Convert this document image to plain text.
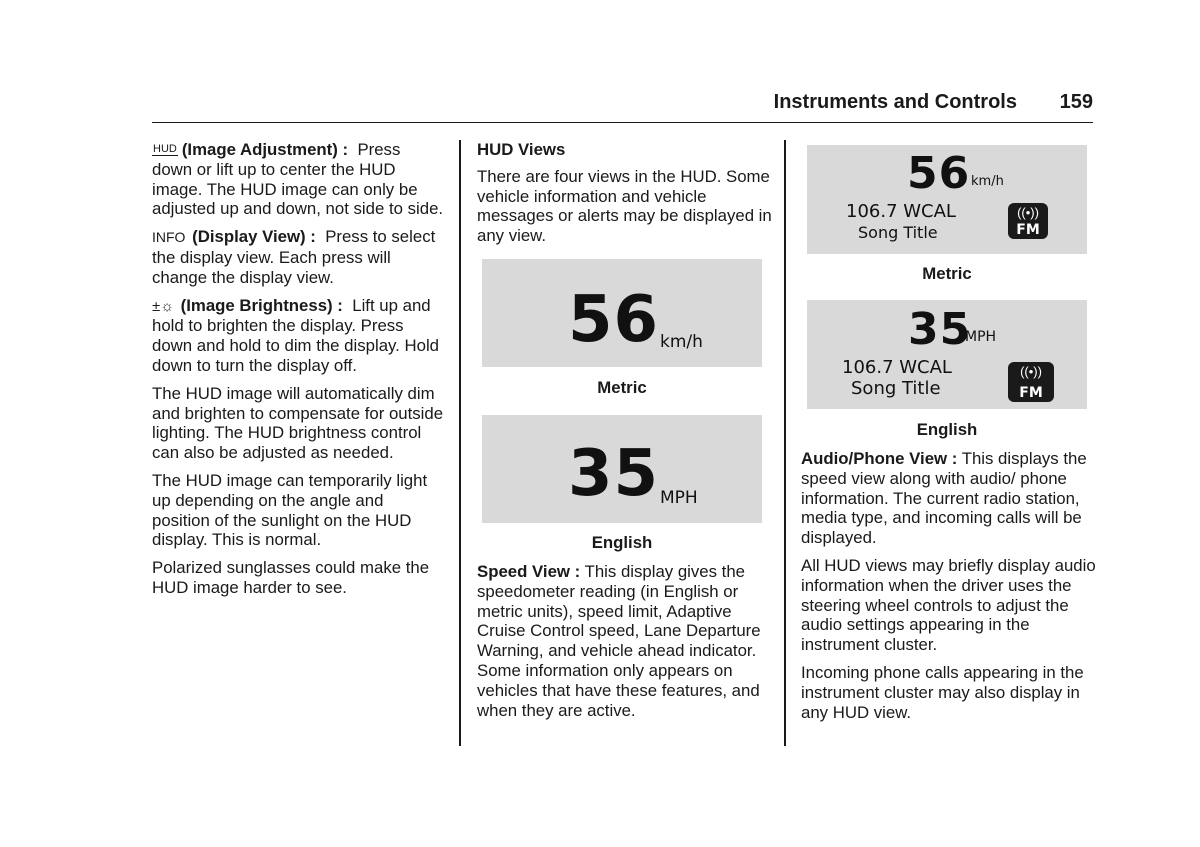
Instruments and Controls 159

HUD (Image Adjustment) : Press down or lift up to center the HUD image. The HUD image can only be adjusted up and down, not side to side.

INFO (Display View) : Press to select the display view. Each press will change the display view.

±☼ (Image Brightness) : Lift up and hold to brighten the display. Press down and hold to dim the display. Hold down to turn the display off.

The HUD image will automatically dim and brighten to compensate for outside lighting. The HUD brightness control can also be adjusted as needed.

The HUD image can temporarily light up depending on the angle and position of the sunlight on the HUD display. This is normal.

Polarized sunglasses could make the HUD image harder to see.

HUD Views

There are four views in the HUD. Some vehicle information and vehicle messages or alerts may be displayed in any view.

56 km/h
Metric
35 MPH
English

Speed View : This display gives the speedometer reading (in English or metric units), speed limit, Adaptive Cruise Control speed, Lane Departure Warning, and vehicle ahead indicator. Some information only appears on vehicles that have these features, and when they are active.

56 km/h
106.7 WCAL
Song Title
((•))
FM
Metric
35
MPH
106.7 WCAL
Song Title
((•))
FM
English

Audio/Phone View : This displays the speed view along with audio/ phone information. The current radio station, media type, and incoming calls will be displayed.

All HUD views may briefly display audio information when the driver uses the steering wheel controls to adjust the audio settings appearing in the instrument cluster.

Incoming phone calls appearing in the instrument cluster may also display in any HUD view.
